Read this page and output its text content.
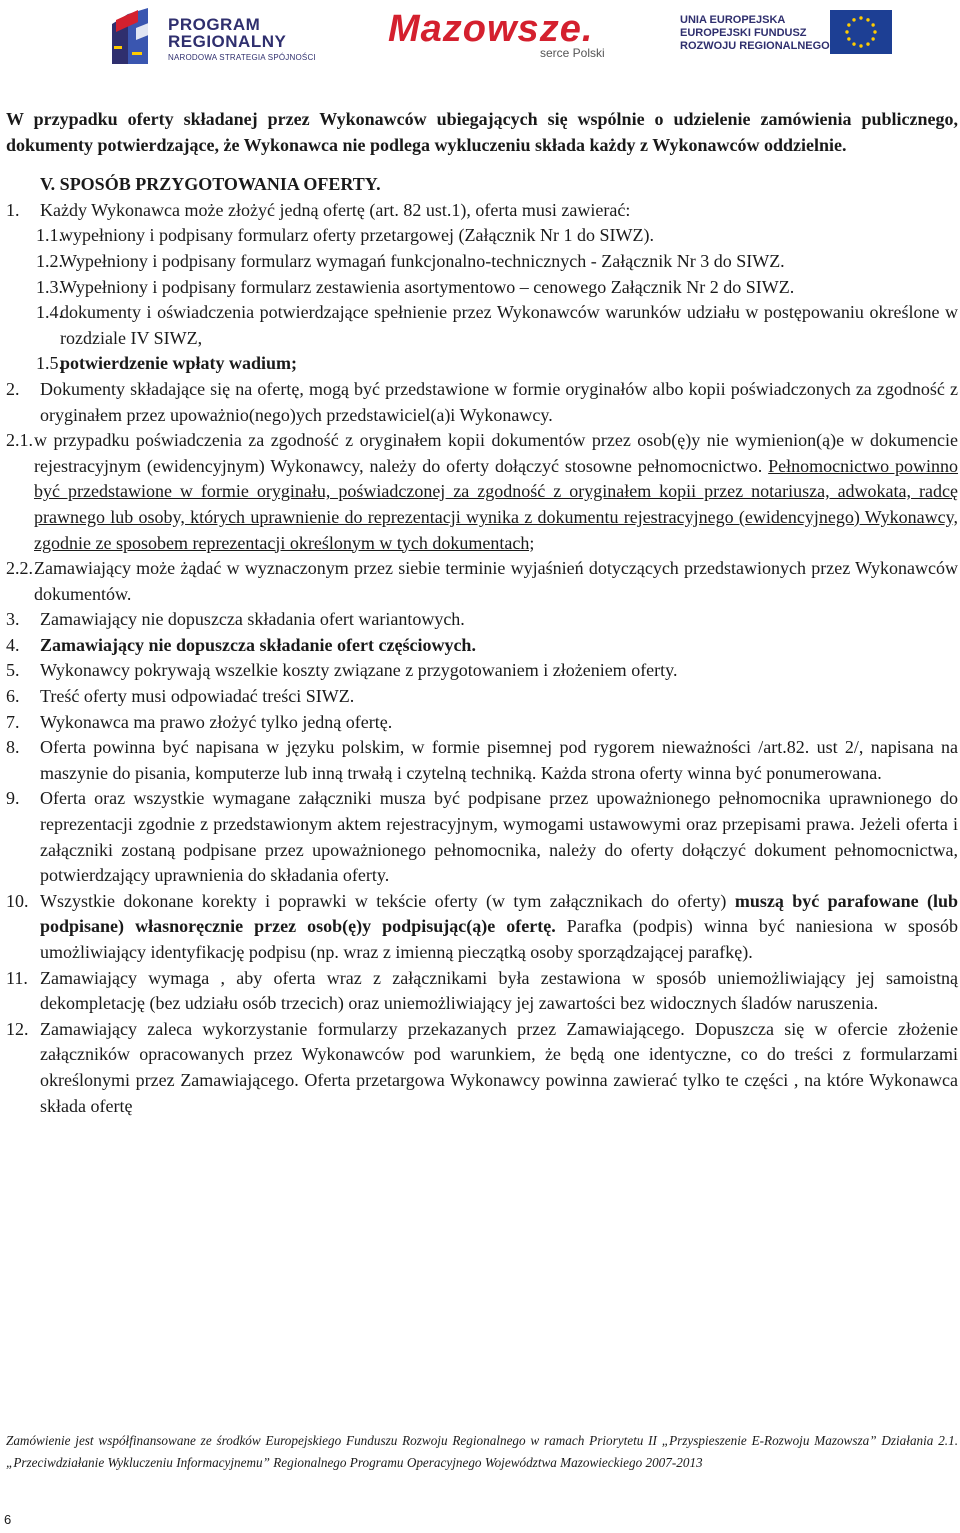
PROGRAM
REGIONALNY
NARODOWA STRATEGIA SPÓJNOŚCI
Mazowsze.
serce Polski
UNIA EUROPEJSKA
EUROPEJSKI FUNDUSZ
ROZWOJU REGIONALNEGO

W przypadku oferty składanej przez Wykonawców ubiegających się wspólnie o udzielenie zamówienia publicznego, dokumenty potwierdzające, że Wykonawca nie podlega wykluczeniu składa każdy z Wykonawców oddzielnie.

V. SPOSÓB PRZYGOTOWANIA OFERTY.

1. Każdy Wykonawca może złożyć jedną ofertę (art. 82 ust.1), oferta musi zawierać:

1.1.
wypełniony i podpisany formularz oferty przetargowej (Załącznik Nr 1 do SIWZ).

1.2.
Wypełniony i podpisany formularz wymagań funkcjonalno-technicznych - Załącznik Nr 3 do SIWZ.

1.3.
Wypełniony i podpisany formularz zestawienia asortymentowo – cenowego Załącznik Nr 2 do SIWZ.

1.4.
dokumenty i oświadczenia potwierdzające spełnienie przez Wykonawców warunków udziału w postępowaniu określone w rozdziale IV SIWZ,

1.5.
potwierdzenie wpłaty wadium;

2. Dokumenty składające się na ofertę, mogą być przedstawione w formie oryginałów albo kopii poświadczonych za zgodność z oryginałem przez upoważnio(nego)ych przedstawiciel(a)i Wykonawcy.

2.1. w przypadku poświadczenia za zgodność z oryginałem kopii dokumentów przez osob(ę)y nie wymienion(ą)e w dokumencie rejestracyjnym (ewidencyjnym) Wykonawcy, należy do oferty dołączyć stosowne pełnomocnictwo. Pełnomocnictwo powinno być przedstawione w formie oryginału, poświadczonej za zgodność z oryginałem kopii przez notariusza, adwokata, radcę prawnego lub osoby, których uprawnienie do reprezentacji wynika z dokumentu rejestracyjnego (ewidencyjnego) Wykonawcy, zgodnie ze sposobem reprezentacji określonym w tych dokumentach;

2.2. Zamawiający może żądać w wyznaczonym przez siebie terminie wyjaśnień dotyczących przedstawionych przez Wykonawców dokumentów.

3. Zamawiający nie dopuszcza składania ofert wariantowych.

4. Zamawiający nie dopuszcza składanie ofert częściowych.

5. Wykonawcy pokrywają wszelkie koszty związane z przygotowaniem i złożeniem oferty.

6. Treść oferty musi odpowiadać treści SIWZ.

7. Wykonawca ma prawo złożyć tylko jedną ofertę.

8. Oferta powinna być napisana w języku polskim, w formie pisemnej pod rygorem nieważności /art.82. ust 2/, napisana na maszynie do pisania, komputerze lub inną trwałą i czytelną techniką. Każda strona oferty winna być ponumerowana.

9. Oferta oraz wszystkie wymagane załączniki musza być podpisane przez upoważnionego pełnomocnika uprawnionego do reprezentacji zgodnie z przedstawionym aktem rejestracyjnym, wymogami ustawowymi oraz przepisami prawa. Jeżeli oferta i załączniki zostaną podpisane przez upoważnionego pełnomocnika, należy do oferty dołączyć dokument pełnomocnictwa, potwierdzający uprawnienia do składania oferty.

10. Wszystkie dokonane korekty i poprawki w tekście oferty (w tym załącznikach do oferty) muszą być parafowane (lub podpisane) własnoręcznie przez osob(ę)y podpisując(ą)e ofertę. Parafka (podpis) winna być naniesiona w sposób umożliwiający identyfikację podpisu (np. wraz z imienną pieczątką osoby sporządzającej parafkę).

11. Zamawiający wymaga , aby oferta wraz z załącznikami była zestawiona w sposób uniemożliwiający jej samoistną dekompletację (bez udziału osób trzecich) oraz uniemożliwiający jej zawartości bez widocznych śladów naruszenia.

12. Zamawiający zaleca wykorzystanie formularzy przekazanych przez Zamawiającego. Dopuszcza się w ofercie złożenie załączników opracowanych przez Wykonawców pod warunkiem, że będą one identyczne, co do treści z formularzami określonymi przez Zamawiającego. Oferta przetargowa Wykonawcy powinna zawierać tylko te części , na które Wykonawca składa ofertę

Zamówienie jest współfinansowane ze środków Europejskiego Funduszu Rozwoju Regionalnego w ramach Priorytetu II „Przyspieszenie E-Rozwoju Mazowsza” Działania 2.1. „Przeciwdziałanie Wykluczeniu Informacyjnemu” Regionalnego Programu Operacyjnego Województwa Mazowieckiego 2007-2013
6
